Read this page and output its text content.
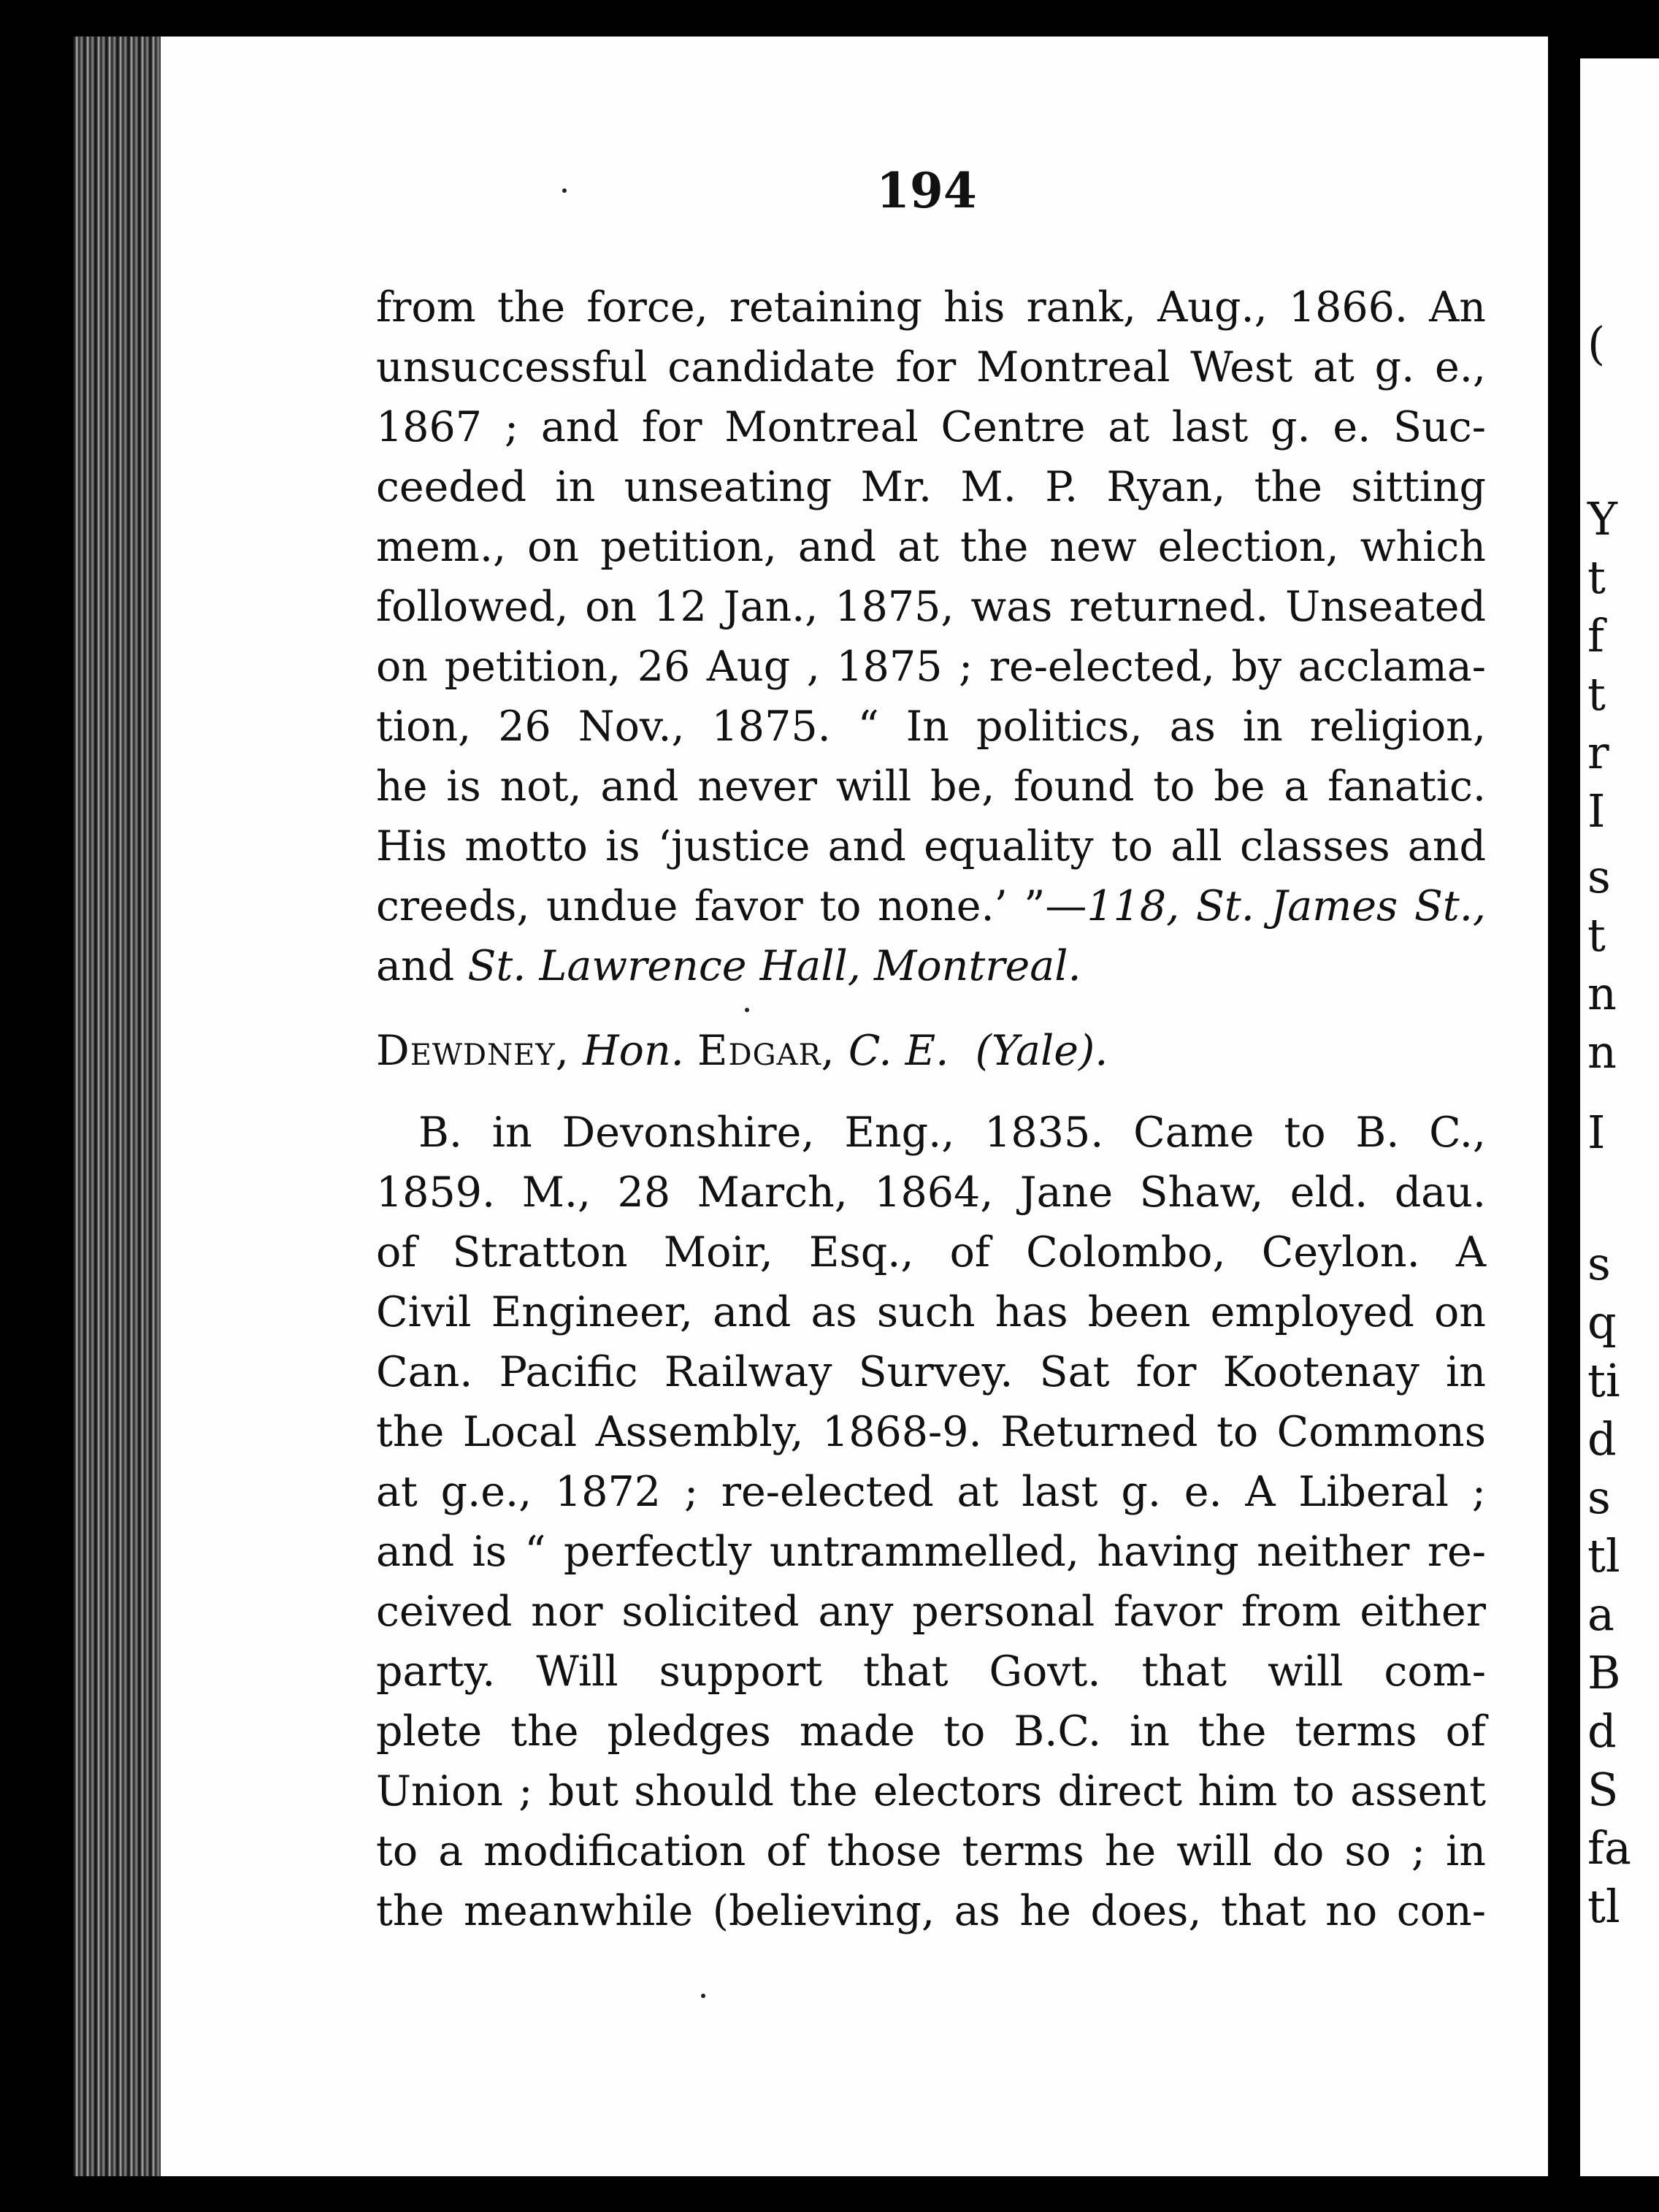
(
Y
t
f
t
r
I
s
t
n
n
I
s
q
ti
d
s
tl
a
B
d
S
fa
tl
194
from the force, retaining his rank, Aug., 1866. An
unsuccessful candidate for Montreal West at g. e.,
1867 ; and for Montreal Centre at last g. e. Suc-
ceeded in unseating Mr. M. P. Ryan, the sitting
mem., on petition, and at the new election, which
followed, on 12 Jan., 1875, was returned. Unseated
on petition, 26 Aug , 1875 ; re-elected, by acclama-
tion, 26 Nov., 1875. “ In politics, as in religion,
he is not, and never will be, found to be a fanatic.
His motto is ‘justice and equality to all classes and
creeds, undue favor to none.’ ”—118, St. James St.,
and St. Lawrence Hall, Montreal.
Dewdney, Hon. Edgar, C. E. (Yale).
B. in Devonshire, Eng., 1835. Came to B. C.,
1859. M., 28 March, 1864, Jane Shaw, eld. dau.
of Stratton Moir, Esq., of Colombo, Ceylon. A
Civil Engineer, and as such has been employed on
Can. Pacific Railway Survey. Sat for Kootenay in
the Local Assembly, 1868-9. Returned to Commons
at g.e., 1872 ; re-elected at last g. e. A Liberal ;
and is “ perfectly untrammelled, having neither re-
ceived nor solicited any personal favor from either
party. Will support that Govt. that will com-
plete the pledges made to B.C. in the terms of
Union ; but should the electors direct him to assent
to a modification of those terms he will do so ; in
the meanwhile (believing, as he does, that no con-
